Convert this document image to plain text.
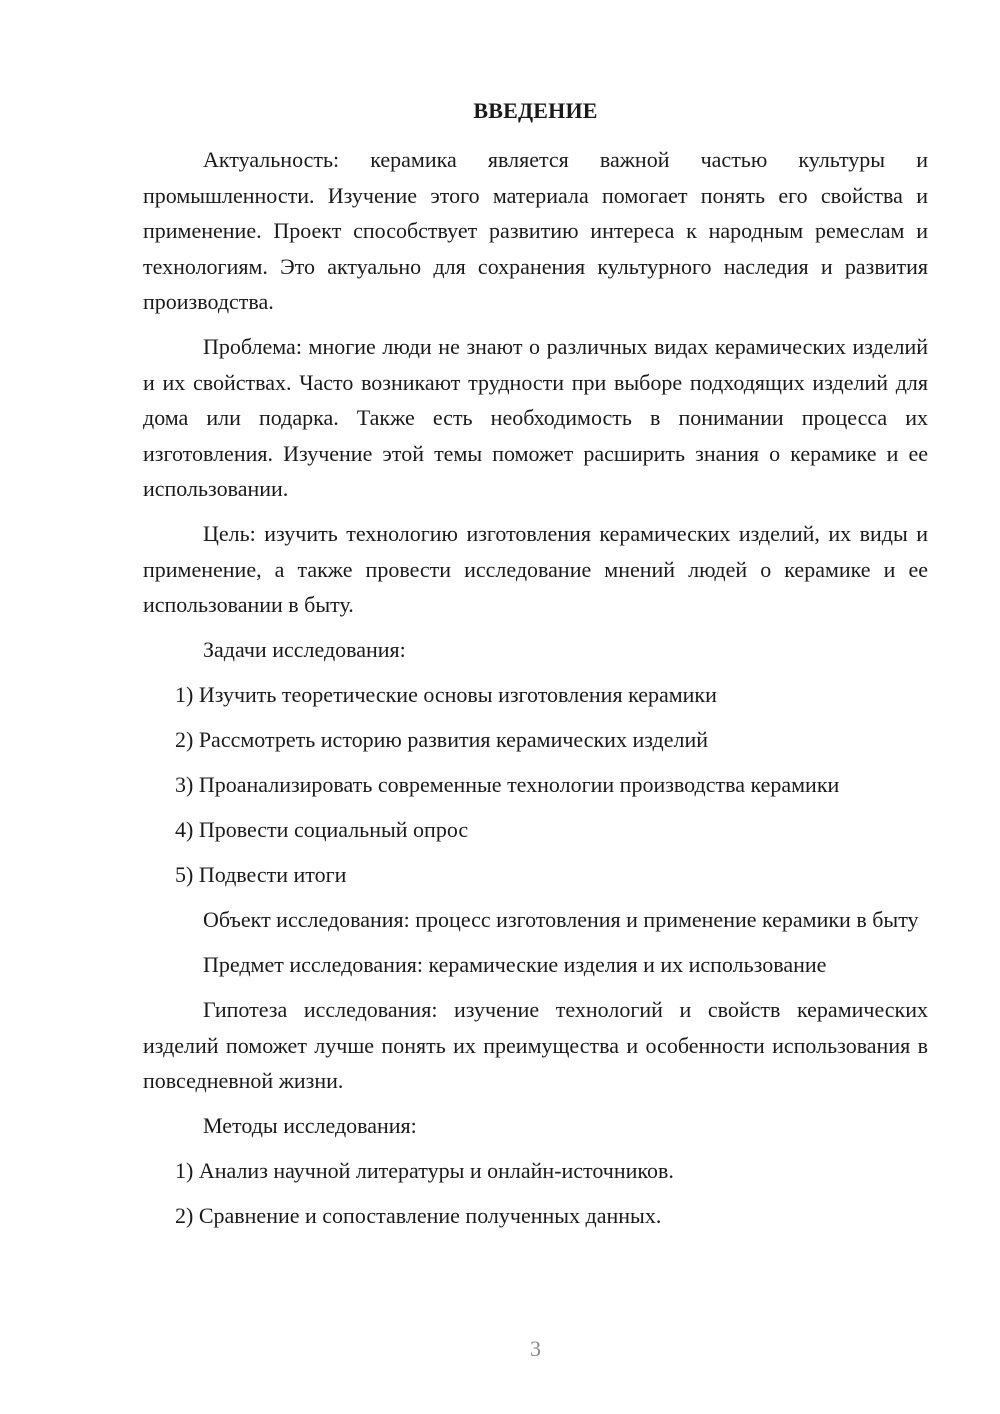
ВВЕДЕНИЕ

Актуальность: керамика является важной частью культуры и промышленности. Изучение этого материала помогает понять его свойства и применение. Проект способствует развитию интереса к народным ремеслам и технологиям. Это актуально для сохранения культурного наследия и развития производства.

Проблема: многие люди не знают о различных видах керамических изделий и их свойствах. Часто возникают трудности при выборе подходящих изделий для дома или подарка. Также есть необходимость в понимании процесса их изготовления. Изучение этой темы поможет расширить знания о керамике и ее использовании.

Цель: изучить технологию изготовления керамических изделий, их виды и применение, а также провести исследование мнений людей о керамике и ее использовании в быту.

Задачи исследования:

1) Изучить теоретические основы изготовления керамики

2) Рассмотреть историю развития керамических изделий

3) Проанализировать современные технологии производства керамики

4) Провести социальный опрос

5) Подвести итоги

Объект исследования: процесс изготовления и применение керамики в быту

Предмет исследования: керамические изделия и их использование

Гипотеза исследования: изучение технологий и свойств керамических изделий поможет лучше понять их преимущества и особенности использования в повседневной жизни.

Методы исследования:

1) Анализ научной литературы и онлайн-источников.

2) Сравнение и сопоставление полученных данных.

3
